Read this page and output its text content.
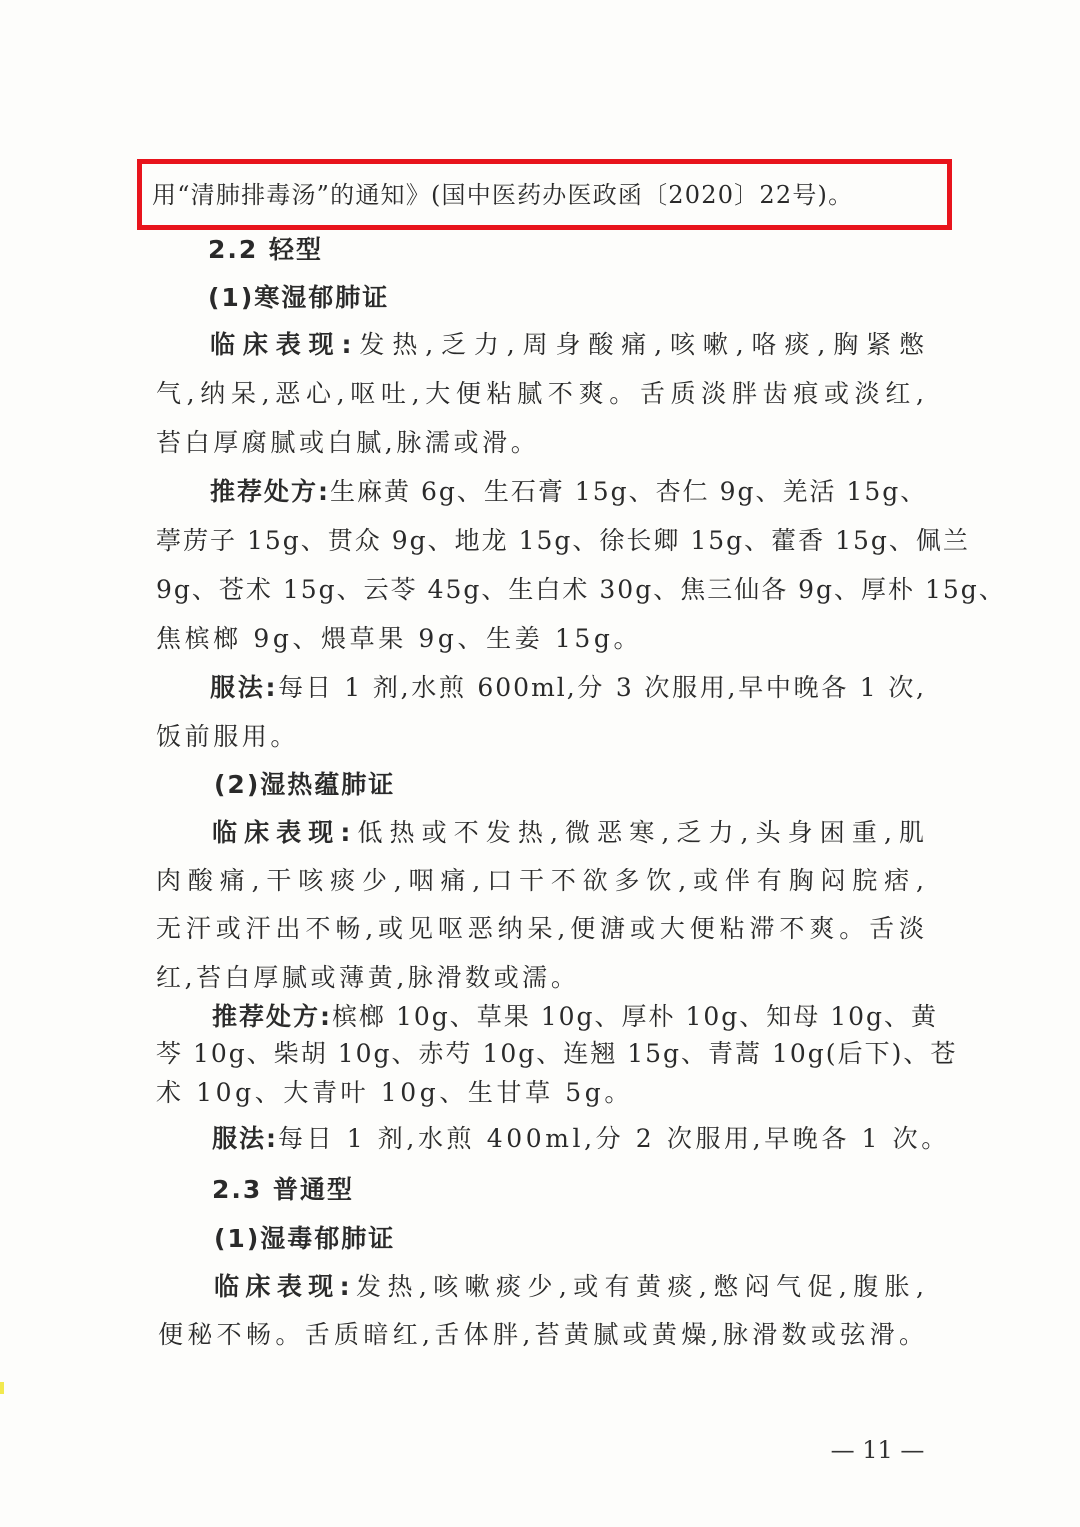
用“清肺排毒汤”的通知》(国中医药办医政函〔2020〕22号)。
2.2 轻型
(1)寒湿郁肺证
临床表现:发热,乏力,周身酸痛,咳嗽,咯痰,胸紧憋
气,纳呆,恶心,呕吐,大便粘腻不爽。舌质淡胖齿痕或淡红,
苔白厚腐腻或白腻,脉濡或滑。
推荐处方:生麻黄 6g、生石膏 15g、杏仁 9g、羌活 15g、
葶苈子 15g、贯众 9g、地龙 15g、徐长卿 15g、藿香 15g、佩兰
9g、苍术 15g、云苓 45g、生白术 30g、焦三仙各 9g、厚朴 15g、
焦槟榔 9g、煨草果 9g、生姜 15g。
服法:每日 1 剂,水煎 600ml,分 3 次服用,早中晚各 1 次,
饭前服用。
(2)湿热蕴肺证
临床表现:低热或不发热,微恶寒,乏力,头身困重,肌
肉酸痛,干咳痰少,咽痛,口干不欲多饮,或伴有胸闷脘痞,
无汗或汗出不畅,或见呕恶纳呆,便溏或大便粘滞不爽。舌淡
红,苔白厚腻或薄黄,脉滑数或濡。
推荐处方:槟榔 10g、草果 10g、厚朴 10g、知母 10g、黄
芩 10g、柴胡 10g、赤芍 10g、连翘 15g、青蒿 10g(后下)、苍
术 10g、大青叶 10g、生甘草 5g。
服法:每日 1 剂,水煎 400ml,分 2 次服用,早晚各 1 次。
2.3 普通型
(1)湿毒郁肺证
临床表现:发热,咳嗽痰少,或有黄痰,憋闷气促,腹胀,
便秘不畅。舌质暗红,舌体胖,苔黄腻或黄燥,脉滑数或弦滑。
— 11 —
